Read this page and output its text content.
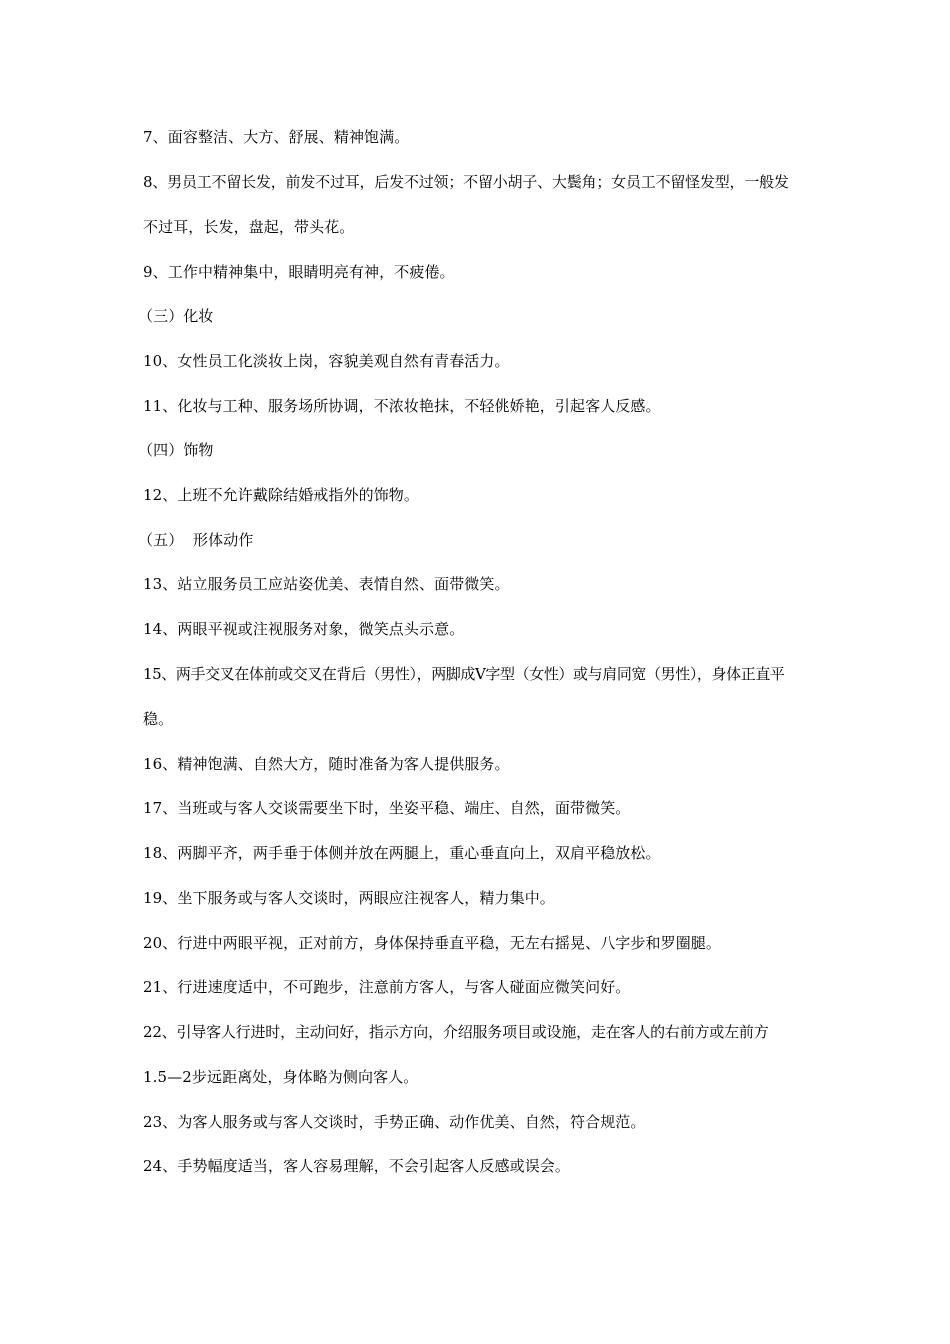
7、面容整洁、大方、舒展、精神饱满。
8、男员工不留长发，前发不过耳，后发不过领；不留小胡子、大鬓角；女员工不留怪发型，一般发
不过耳，长发，盘起，带头花。
9、工作中精神集中，眼睛明亮有神，不疲倦。
（三）化妆
10、女性员工化淡妆上岗，容貌美观自然有青春活力。
11、化妆与工种、服务场所协调，不浓妆艳抹，不轻佻娇艳，引起客人反感。
（四）饰物
12、上班不允许戴除结婚戒指外的饰物。
（五）  形体动作
13、站立服务员工应站姿优美、表情自然、面带微笑。
14、两眼平视或注视服务对象，微笑点头示意。
15、两手交叉在体前或交叉在背后（男性），两脚成Ⅴ字型（女性）或与肩同宽（男性），身体正直平
稳。
16、精神饱满、自然大方，随时准备为客人提供服务。
17、当班或与客人交谈需要坐下时，坐姿平稳、端庄、自然，面带微笑。
18、两脚平齐，两手垂于体侧并放在两腿上，重心垂直向上，双肩平稳放松。
19、坐下服务或与客人交谈时，两眼应注视客人，精力集中。
20、行进中两眼平视，正对前方，身体保持垂直平稳，无左右摇晃、八字步和罗圈腿。
21、行进速度适中，不可跑步，注意前方客人，与客人碰面应微笑问好。
22、引导客人行进时，主动问好，指示方向，介绍服务项目或设施，走在客人的右前方或左前方
1.5—2步远距离处，身体略为侧向客人。
23、为客人服务或与客人交谈时，手势正确、动作优美、自然，符合规范。
24、手势幅度适当，客人容易理解，不会引起客人反感或误会。
